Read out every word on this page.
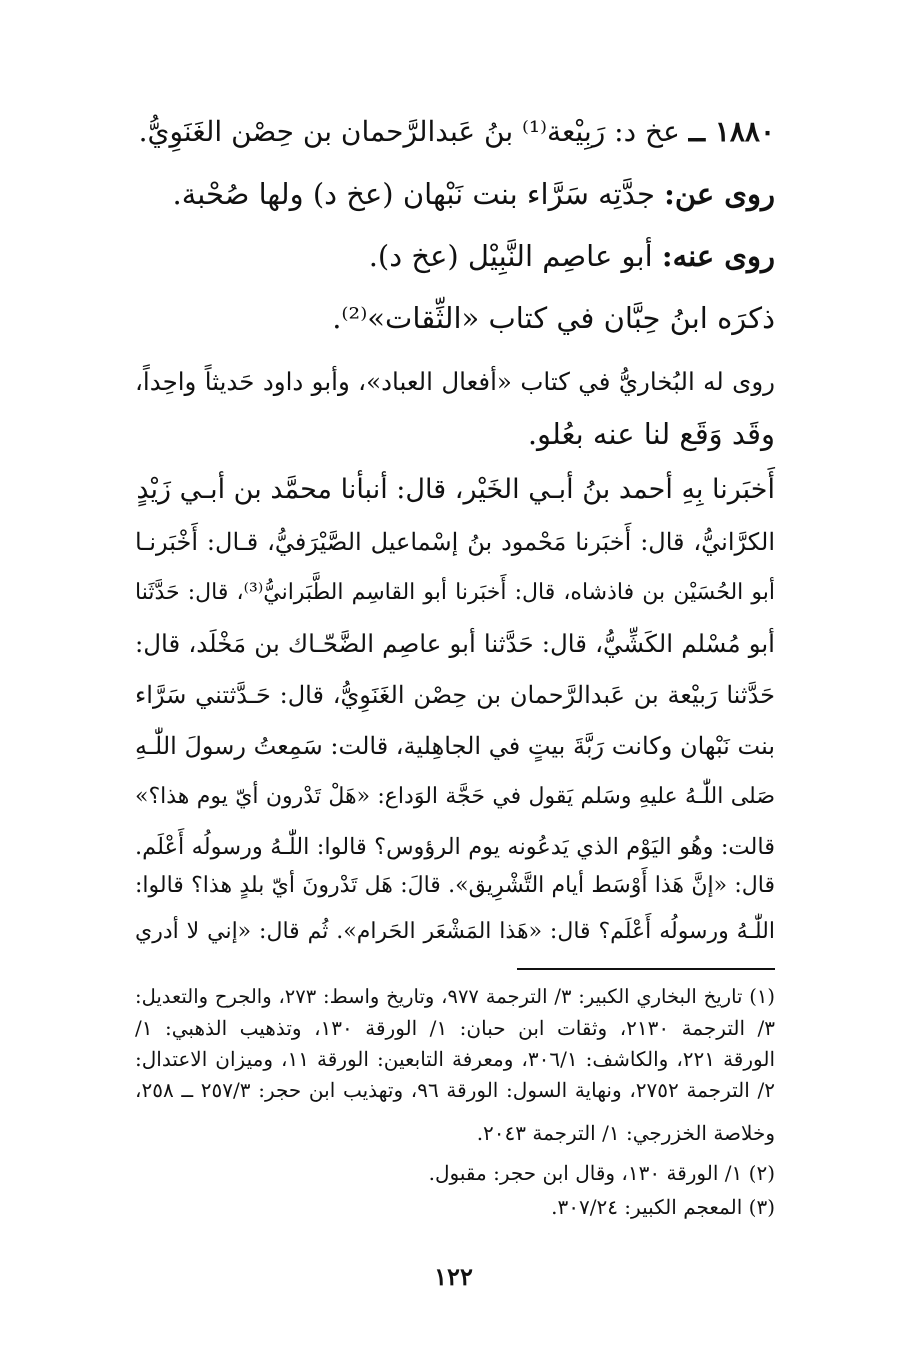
١٨٨٠ ــ عخ د: رَبِيْعة⁽¹⁾ بنُ عَبدالرَّحمان بن حِصْن الغَنَوِيُّ.
روى عن: جدَّتِه سَرَّاء بنت نَبْهان (عخ د) ولها صُحْبة.
روى عنه: أبو عاصِم النَّبِيْل (عخ د).
ذكرَه ابنُ حِبَّان في كتاب «الثِّقات»⁽²⁾.
روى له البُخاريُّ في كتاب «أفعال العباد»، وأبو داود حَديثاً واحِداً،
وقَد وَقَع لنا عنه بعُلو.
أَخبَرنا بِهِ أحمد بنُ أبـي الخَيْر، قال: أنبأنا محمَّد بن أبـي زَيْدٍ
الكرَّانيُّ، قال: أَخبَرنا مَحْمود بنُ إسْماعيل الصَّيْرَفيُّ، قـال: أَخْبَرنـا
أبو الحُسَيْن بن فاذشاه، قال: أَخبَرنا أبو القاسِم الطَّبَرانيُّ⁽³⁾، قال: حَدَّثَنا
أبو مُسْلم الكَشِّيُّ، قال: حَدَّثنا أبو عاصِم الضَّحّـاك بن مَخْلَد، قال:
حَدَّثنا رَبيْعة بن عَبدالرَّحمان بن حِصْن الغَنَوِيُّ، قال: حَـدَّثتني سَرَّاء
بنت نَبْهان وكانت رَبَّةَ بيتٍ في الجاهِلية، قالت: سَمِعتُ رسولَ اللّٰـهِ
صَلى اللّٰـهُ عليهِ وسَلم يَقول في حَجَّة الوَداع: «هَلْ تَدْرون أيّ يوم هذا؟»
قالت: وهُو اليَوْم الذي يَدعُونه يوم الرؤوس؟ قالوا: اللّٰـهُ ورسولُه أَعْلَم.
قال: «إنَّ هَذا أَوْسَط أيام التَّشْرِيق». قالَ: هَل تَدْرونَ أيّ بلدٍ هذا؟ قالوا:
اللّٰـهُ ورسولُه أَعْلَم؟ قال: «هَذا المَشْعَر الحَرام». ثُم قال: «إني لا أدري
(١) تاريخ البخاري الكبير: ٣/ الترجمة ٩٧٧، وتاريخ واسط: ٢٧٣، والجرح والتعديل:
٣/ الترجمة ٢١٣٠، وثقات ابن حبان: ١/ الورقة ١٣٠، وتذهيب الذهبي: ١/
الورقة ٢٢١، والكاشف: ٣٠٦/١، ومعرفة التابعين: الورقة ١١، وميزان الاعتدال:
٢/ الترجمة ٢٧٥٢، ونهاية السول: الورقة ٩٦، وتهذيب ابن حجر: ٢٥٧/٣ ــ ٢٥٨،
وخلاصة الخزرجي: ١/ الترجمة ٢٠٤٣.
(٢) ١/ الورقة ١٣٠، وقال ابن حجر: مقبول.
(٣) المعجم الكبير: ٣٠٧/٢٤.
١٢٢
